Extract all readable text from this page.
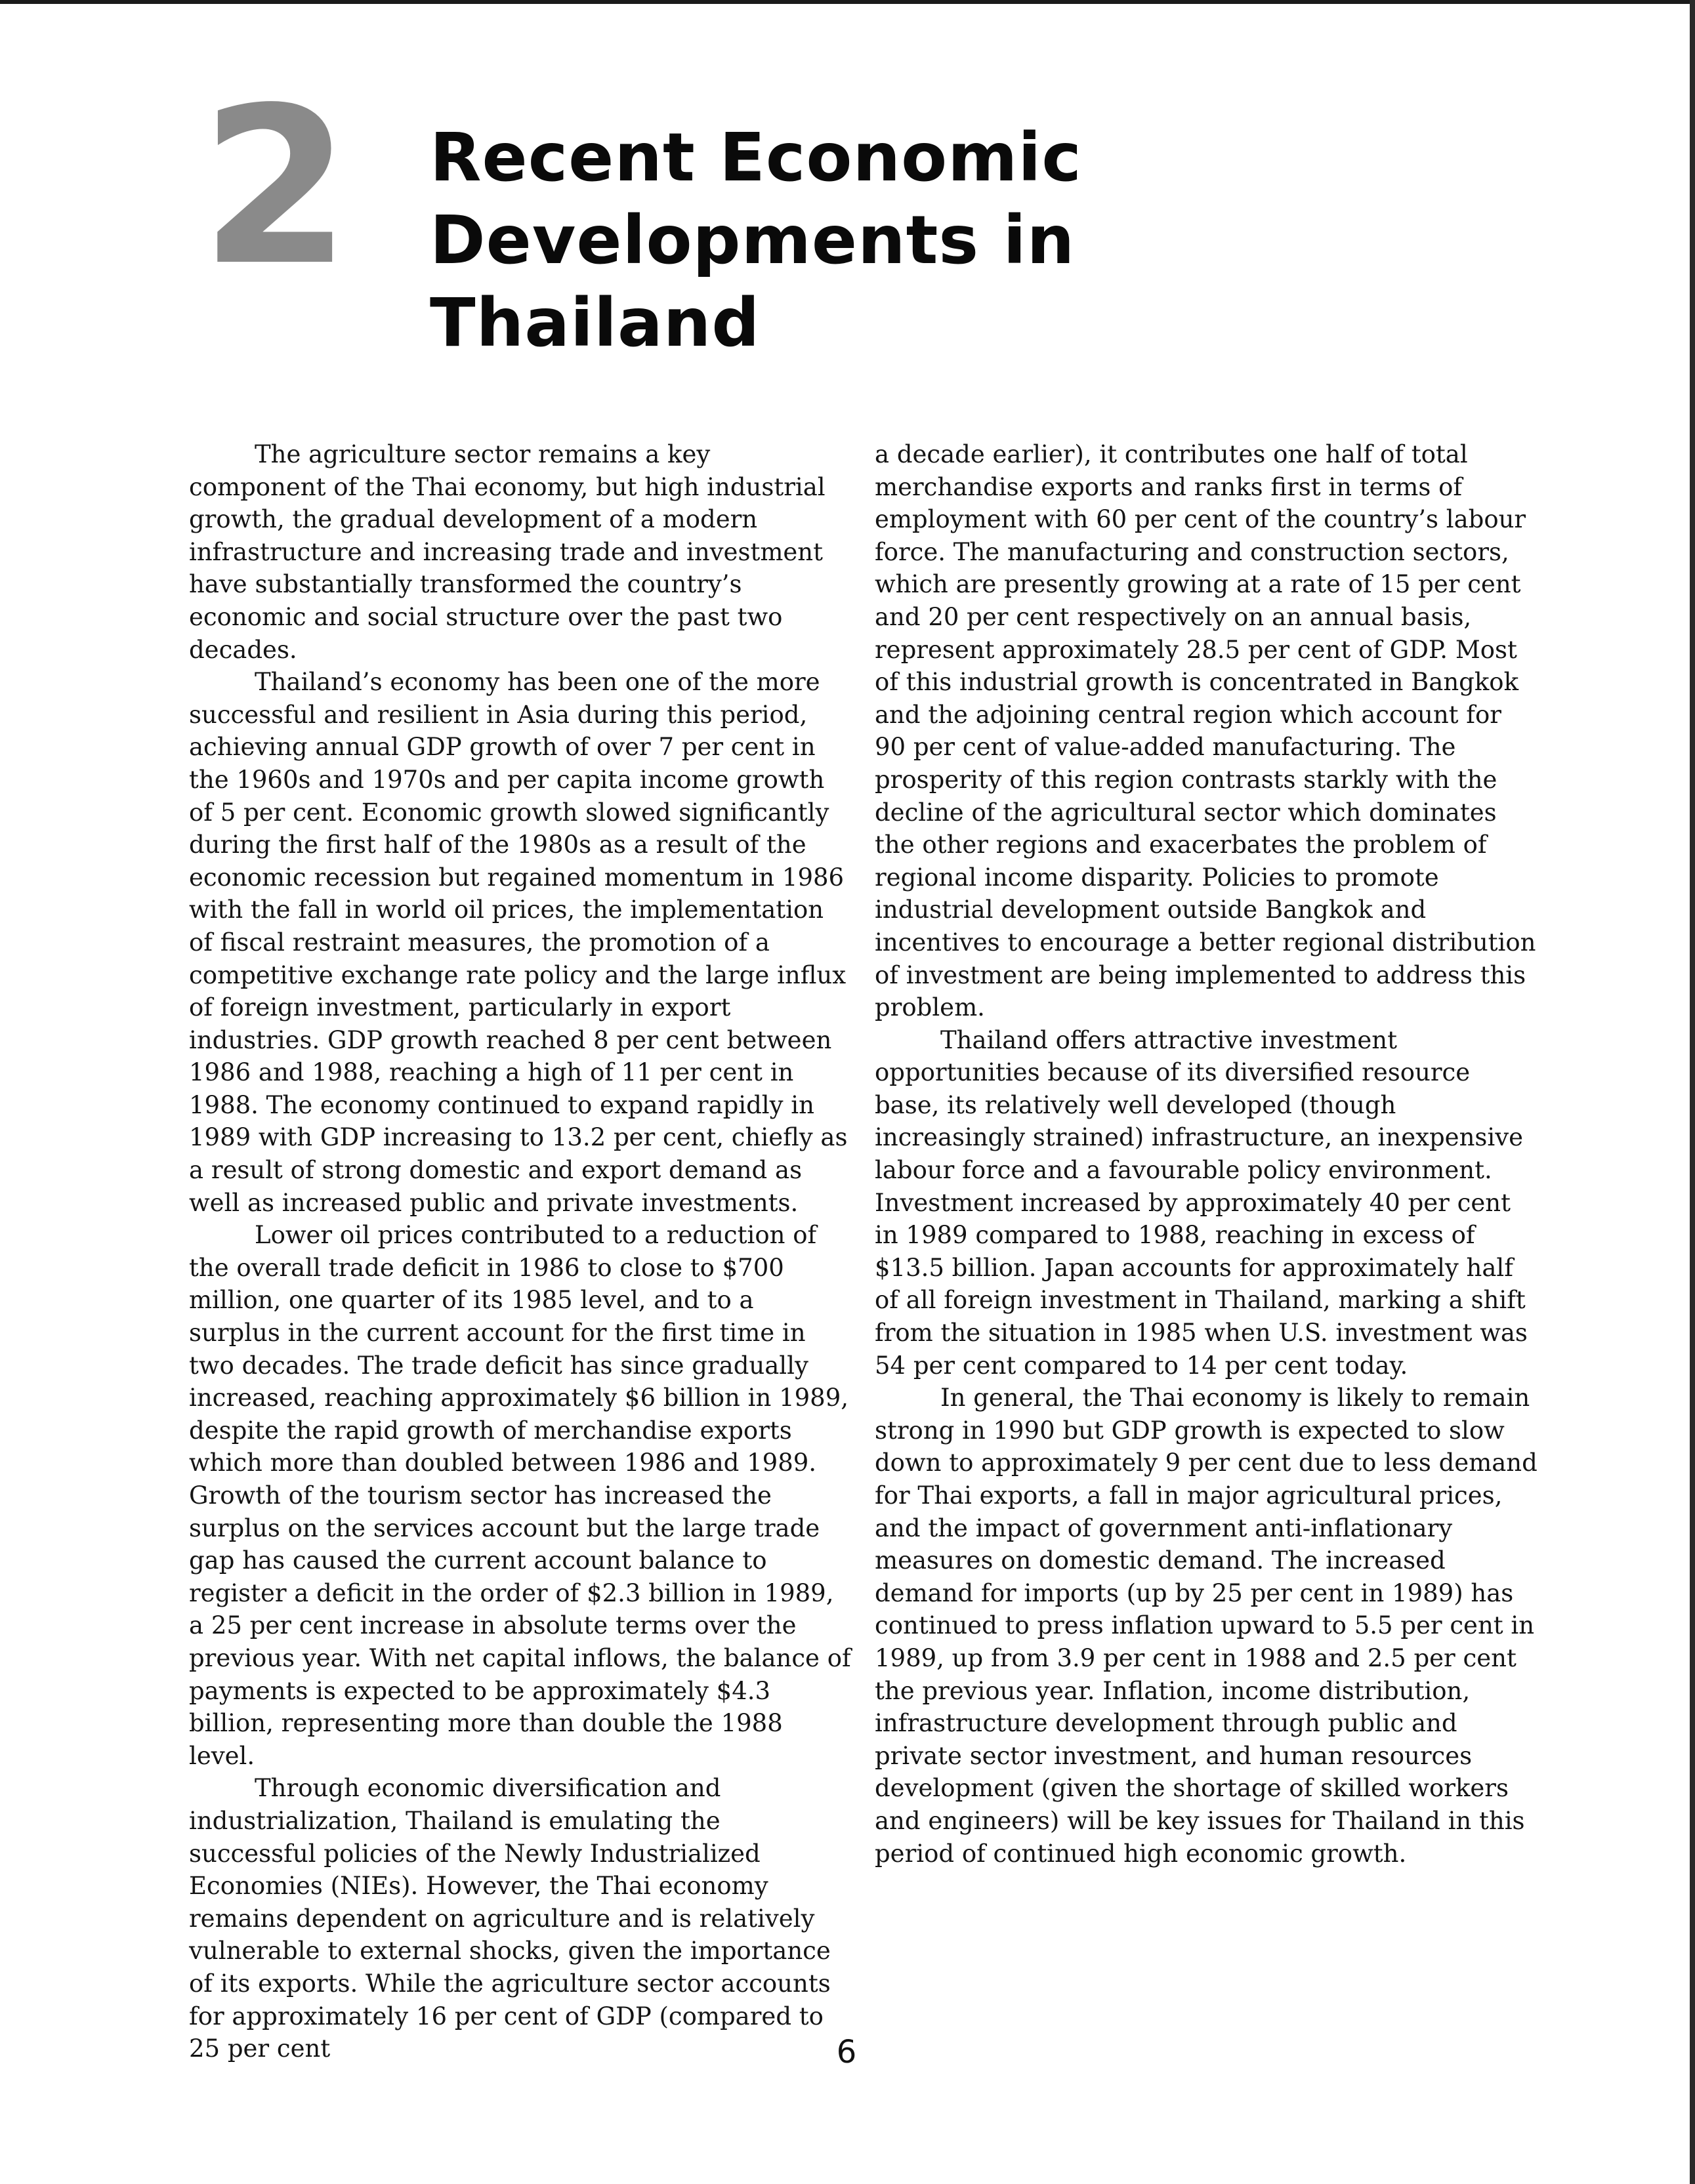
2 Recent Economic
Developments in
Thailand

The agriculture sector remains a key component of the Thai economy, but high industrial growth, the gradual development of a modern infrastructure and increasing trade and investment have substantially transformed the country’s economic and social structure over the past two decades.

Thailand’s economy has been one of the more successful and resilient in Asia during this period, achieving annual GDP growth of over 7 per cent in the 1960s and 1970s and per capita income growth of 5 per cent. Economic growth slowed significantly during the first half of the 1980s as a result of the economic recession but regained momentum in 1986 with the fall in world oil prices, the implementation of fiscal restraint measures, the promotion of a competitive exchange rate policy and the large influx of foreign investment, particularly in export industries. GDP growth reached 8 per cent between 1986 and 1988, reaching a high of 11 per cent in 1988. The economy continued to expand rapidly in 1989 with GDP increasing to 13.2 per cent, chiefly as a result of strong domestic and export demand as well as increased public and private investments.

Lower oil prices contributed to a reduction of the overall trade deficit in 1986 to close to $700 million, one quarter of its 1985 level, and to a surplus in the current account for the first time in two decades. The trade deficit has since gradually increased, reaching approximately $6 billion in 1989, despite the rapid growth of merchandise exports which more than doubled between 1986 and 1989. Growth of the tourism sector has increased the surplus on the services account but the large trade gap has caused the current account balance to register a deficit in the order of $2.3 billion in 1989, a 25 per cent increase in absolute terms over the previous year. With net capital inflows, the balance of payments is expected to be approximately $4.3 billion, representing more than double the 1988 level.

Through economic diversification and industrialization, Thailand is emulating the successful policies of the Newly Industrialized Economies (NIEs). However, the Thai economy remains dependent on agriculture and is relatively vulnerable to external shocks, given the importance of its exports. While the agriculture sector accounts for approximately 16 per cent of GDP (compared to 25 per cent

a decade earlier), it contributes one half of total merchandise exports and ranks first in terms of employment with 60 per cent of the country’s labour force. The manufacturing and construction sectors, which are presently growing at a rate of 15 per cent and 20 per cent respectively on an annual basis, represent approximately 28.5 per cent of GDP. Most of this industrial growth is concentrated in Bangkok and the adjoining central region which account for 90 per cent of value-added manufacturing. The prosperity of this region contrasts starkly with the decline of the agricultural sector which dominates the other regions and exacerbates the problem of regional income disparity. Policies to promote industrial development outside Bangkok and incentives to encourage a better regional distribution of investment are being implemented to address this problem.

Thailand offers attractive investment opportunities because of its diversified resource base, its relatively well developed (though increasingly strained) infrastructure, an inexpensive labour force and a favourable policy environment. Investment increased by approximately 40 per cent in 1989 compared to 1988, reaching in excess of $13.5 billion. Japan accounts for approximately half of all foreign investment in Thailand, marking a shift from the situation in 1985 when U.S. investment was 54 per cent compared to 14 per cent today.

In general, the Thai economy is likely to remain strong in 1990 but GDP growth is expected to slow down to approximately 9 per cent due to less demand for Thai exports, a fall in major agricultural prices, and the impact of government anti-inflationary measures on domestic demand. The increased demand for imports (up by 25 per cent in 1989) has continued to press inflation upward to 5.5 per cent in 1989, up from 3.9 per cent in 1988 and 2.5 per cent the previous year. Inflation, income distribution, infrastructure development through public and private sector investment, and human resources development (given the shortage of skilled workers and engineers) will be key issues for Thailand in this period of continued high economic growth.

6
